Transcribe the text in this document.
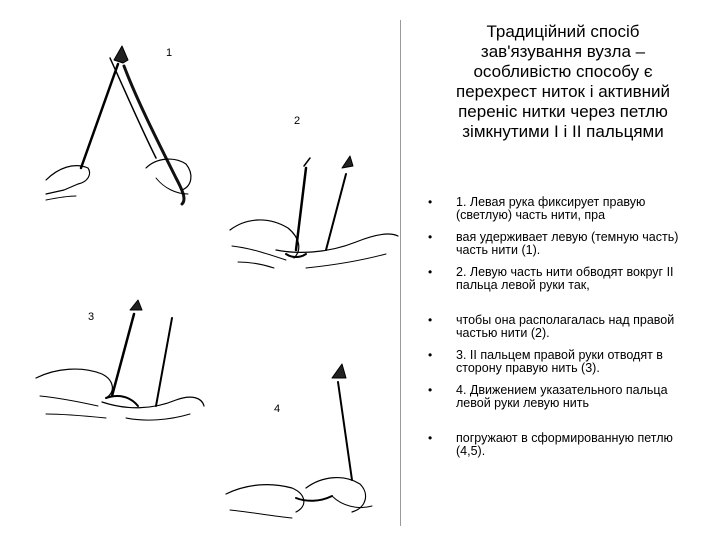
1
2
3
4
Традиційний спосіб
зав'язування вузла –
особливістю способу є
перехрест ниток і активний
переніс нитки через петлю
зімкнутими I і II пальцями
• 1. Левая рука фиксирует правую (светлую) часть нити, пра
• вая удерживает левую (темную часть) часть нити (1).
• 2. Левую часть нити обводят вокруг II пальца левой руки так,
• чтобы она располагалась над правой частью нити (2).
• 3. II пальцем правой руки отводят в сторону правую нить (3).
• 4. Движением указательного пальца левой руки левую нить
• погружают в сформированную петлю (4,5).
